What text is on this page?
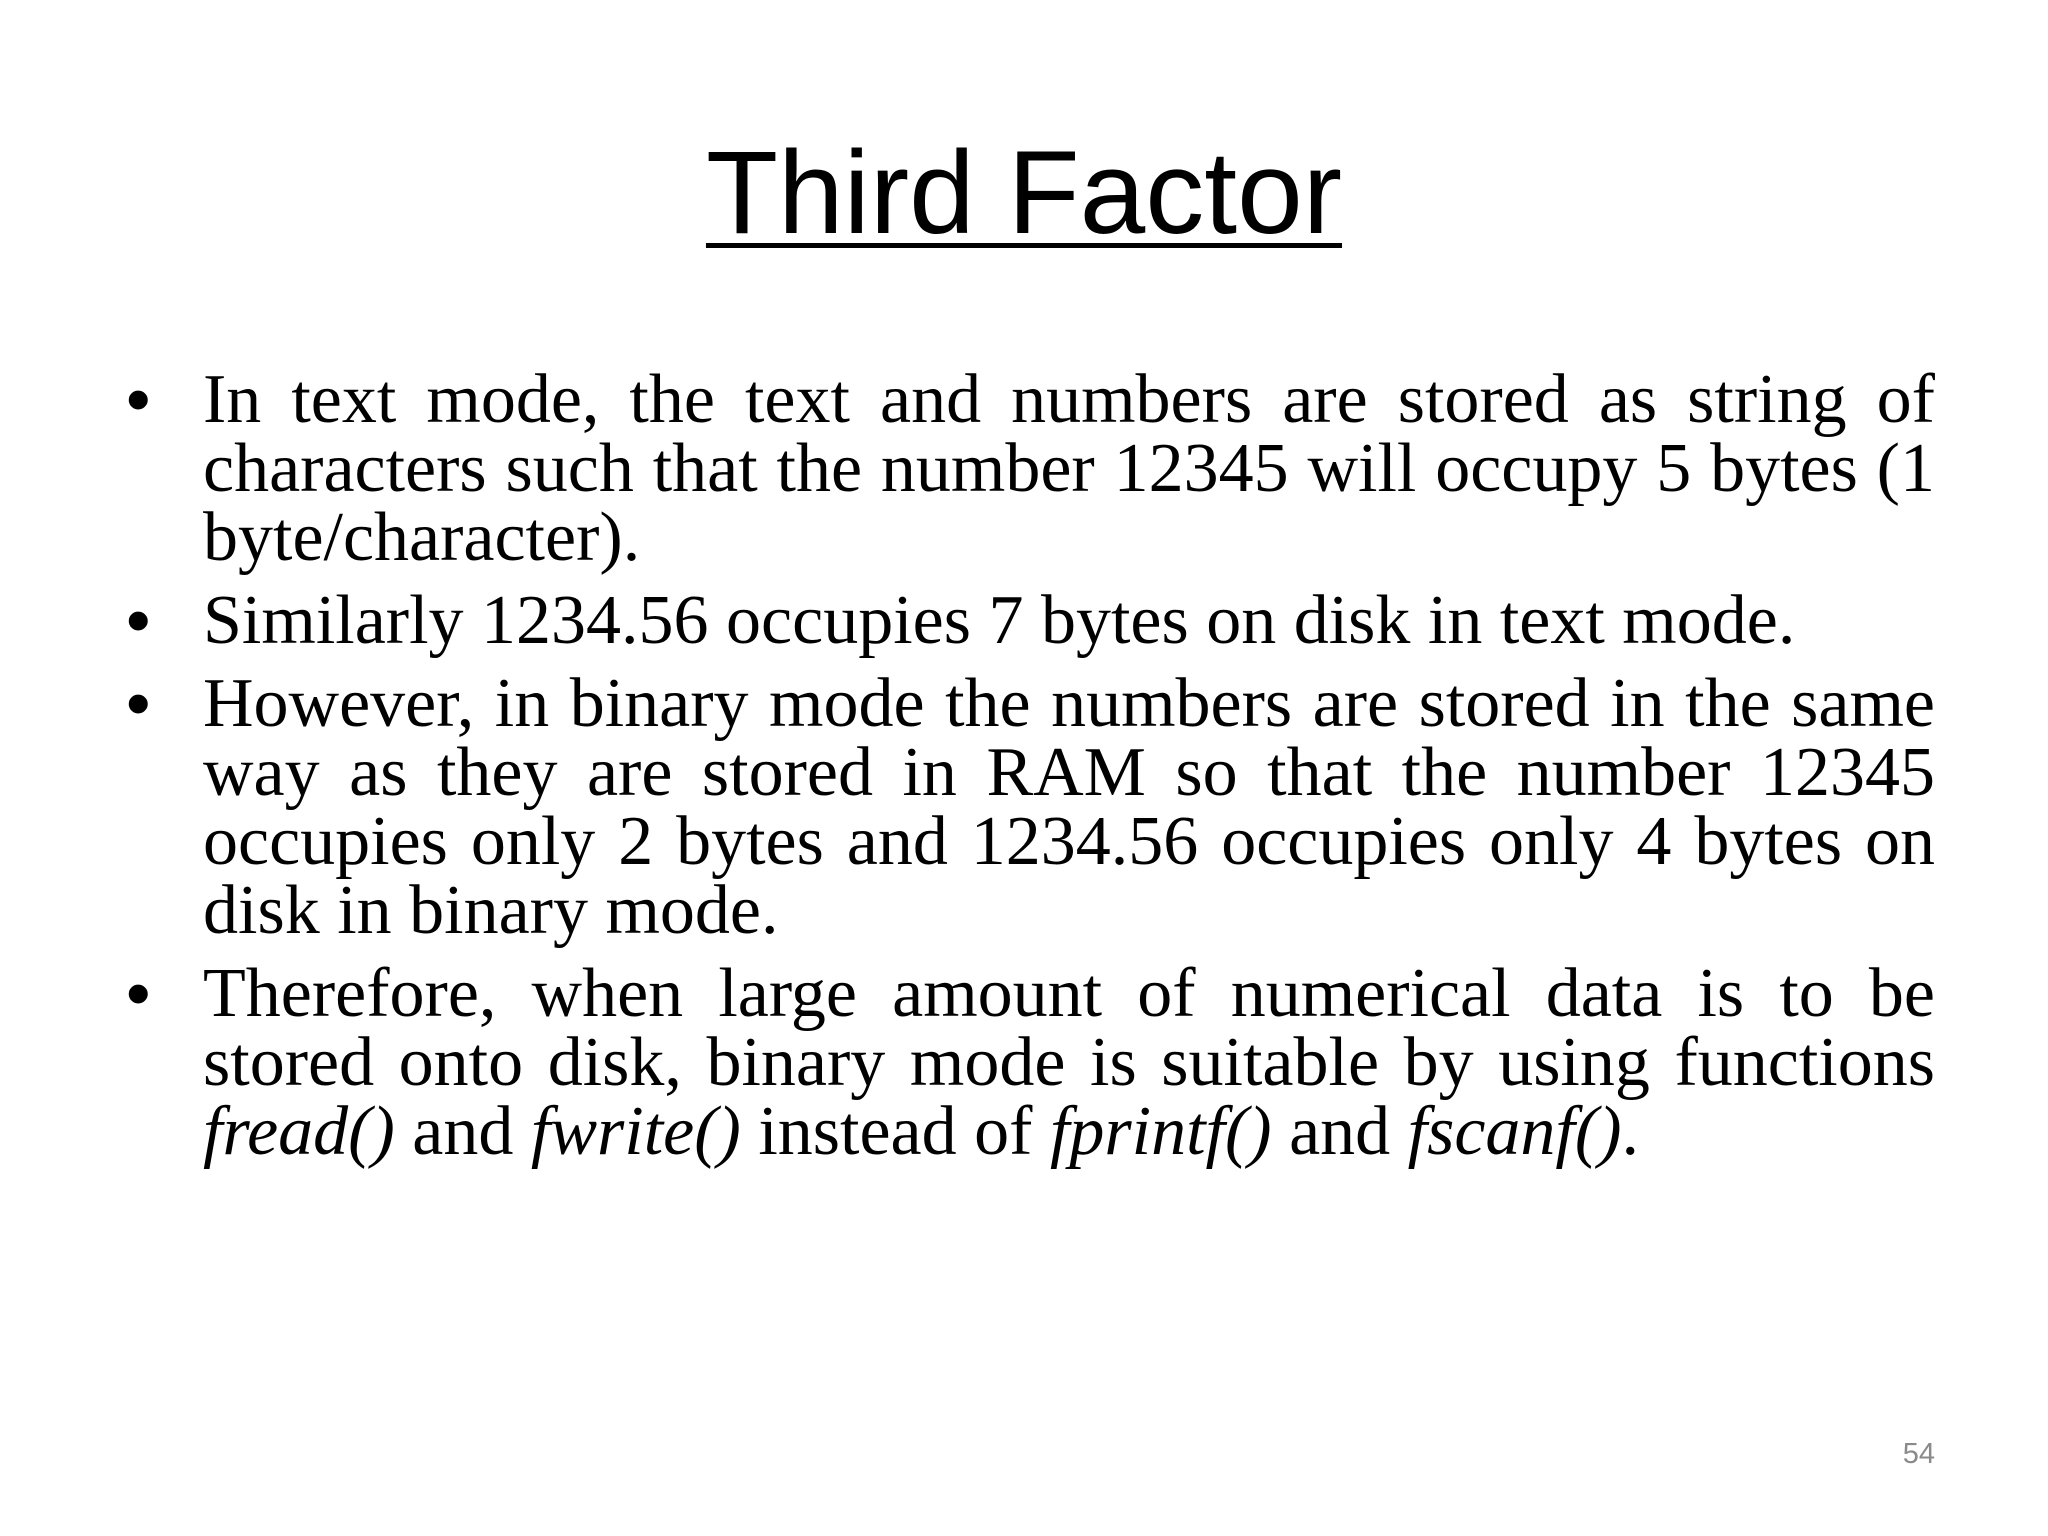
Third Factor
• In text mode, the text and numbers are stored as string of characters such that the number 12345 will occupy 5 bytes (1 byte/character).
• Similarly 1234.56 occupies 7 bytes on disk in text mode.
• However, in binary mode the numbers are stored in the same way as they are stored in RAM so that the number 12345 occupies only 2 bytes and 1234.56 occupies only 4 bytes on disk in binary mode.
• Therefore, when large amount of numerical data is to be stored onto disk, binary mode is suitable by using functions fread() and fwrite() instead of fprintf() and fscanf().
54
